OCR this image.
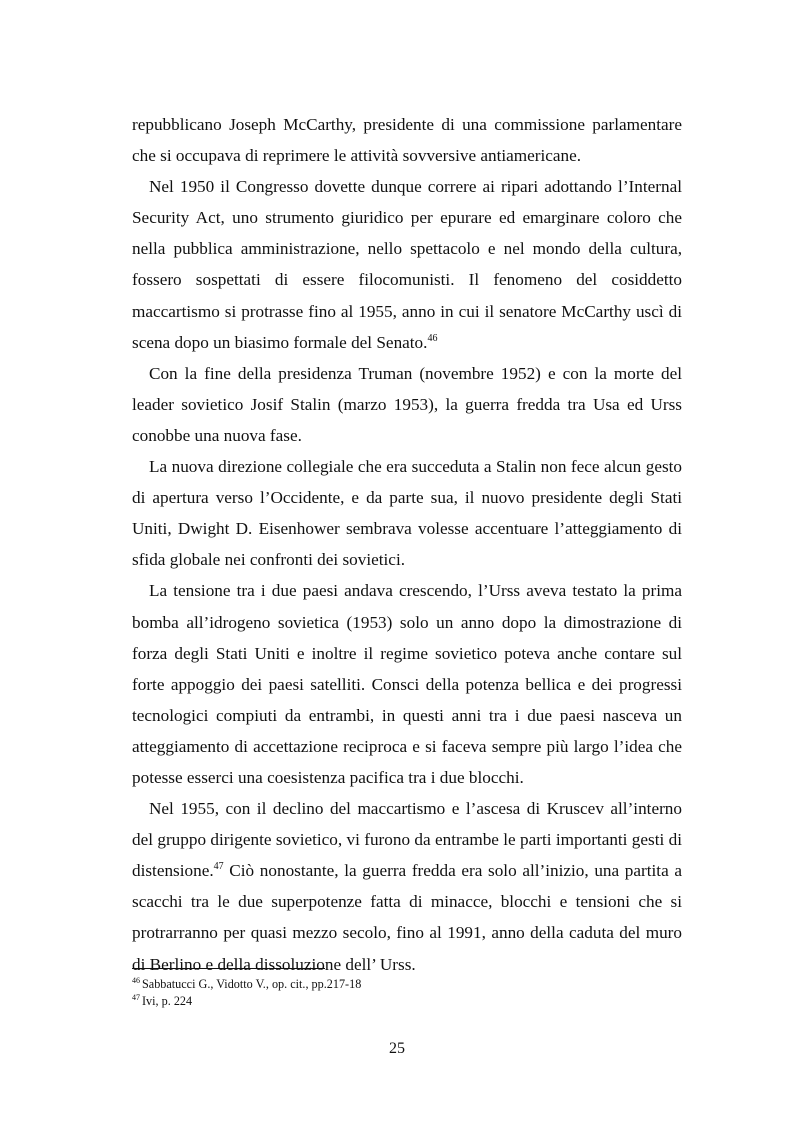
repubblicano Joseph McCarthy, presidente di una commissione parlamentare che si occupava di reprimere le attività sovversive antiamericane.

Nel 1950 il Congresso dovette dunque correre ai ripari adottando l’Internal Security Act, uno strumento giuridico per epurare ed emarginare coloro che nella pubblica amministrazione, nello spettacolo e nel mondo della cultura, fossero sospettati di essere filocomunisti. Il fenomeno del cosiddetto maccartismo si protrasse fino al 1955, anno in cui il senatore McCarthy uscì di scena dopo un biasimo formale del Senato.$^{46}$

Con la fine della presidenza Truman (novembre 1952) e con la morte del leader sovietico Josif Stalin (marzo 1953), la guerra fredda tra Usa ed Urss conobbe una nuova fase.

La nuova direzione collegiale che era succeduta a Stalin non fece alcun gesto di apertura verso l’Occidente, e da parte sua, il nuovo presidente degli Stati Uniti, Dwight D. Eisenhower sembrava volesse accentuare l’atteggiamento di sfida globale nei confronti dei sovietici.

La tensione tra i due paesi andava crescendo, l’Urss aveva testato la prima bomba all’idrogeno sovietica (1953) solo un anno dopo la dimostrazione di forza degli Stati Uniti e inoltre il regime sovietico poteva anche contare sul forte appoggio dei paesi satelliti. Consci della potenza bellica e dei progressi tecnologici compiuti da entrambi, in questi anni tra i due paesi nasceva un atteggiamento di accettazione reciproca e si faceva sempre più largo l’idea che potesse esserci una coesistenza pacifica tra i due blocchi.

Nel 1955, con il declino del maccartismo e l’ascesa di Kruscev all’interno del gruppo dirigente sovietico, vi furono da entrambe le parti importanti gesti di distensione.$^{47}$ Ciò nonostante, la guerra fredda era solo all’inizio, una partita a scacchi tra le due superpotenze fatta di minacce, blocchi e tensioni che si protrarranno per quasi mezzo secolo, fino al 1991, anno della caduta del muro di Berlino e della dissoluzione dell’ Urss.

$^{46}$ Sabbatucci G., Vidotto V., op. cit., pp.217-18

$^{47}$ Ivi, p. 224

25
